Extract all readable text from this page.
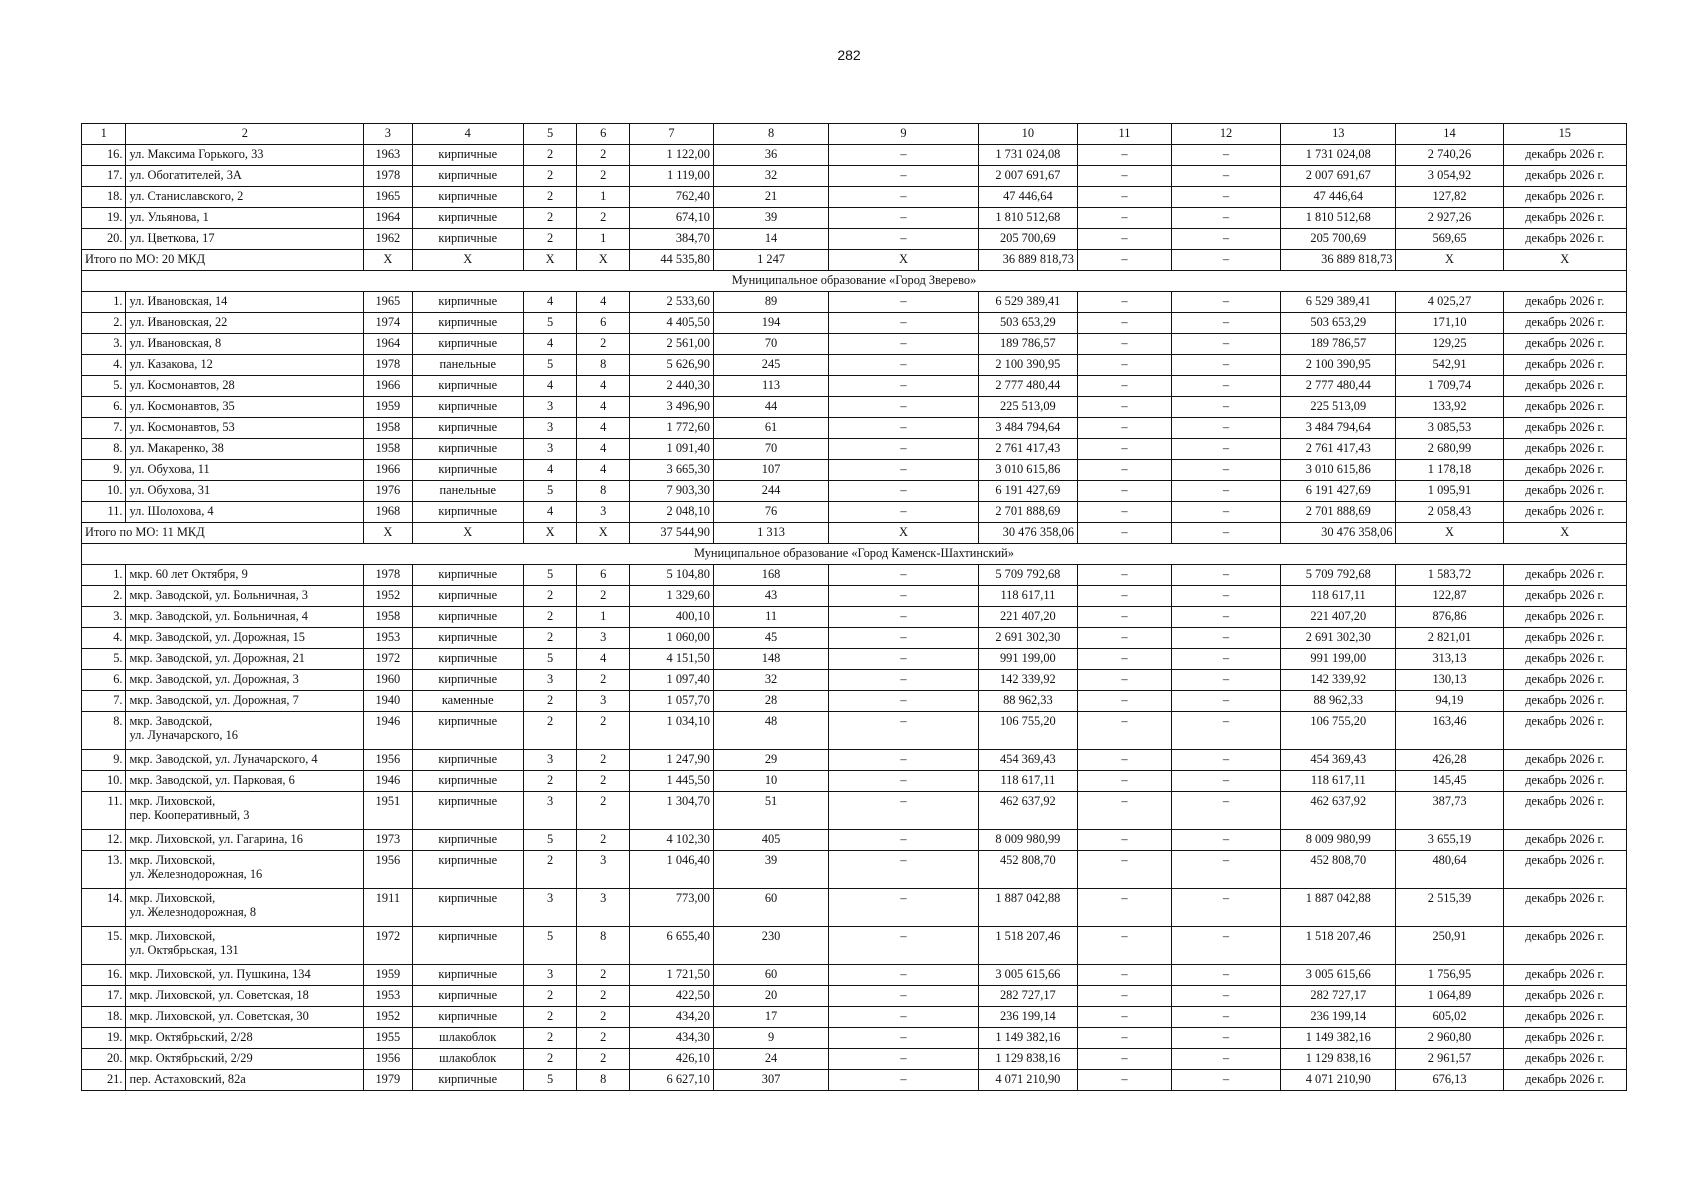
282
1	2	3	4	5	6	7	8	9	10	11	12	13	14	15
16.	ул. Максима Горького, 33	1963	кирпичные	2	2	1 122,00	36	–	1 731 024,08	–	–	1 731 024,08	2 740,26	декабрь 2026 г.
17.	ул. Обогатителей, 3А	1978	кирпичные	2	2	1 119,00	32	–	2 007 691,67	–	–	2 007 691,67	3 054,92	декабрь 2026 г.
18.	ул. Станиславского, 2	1965	кирпичные	2	1	762,40	21	–	47 446,64	–	–	47 446,64	127,82	декабрь 2026 г.
19.	ул. Ульянова, 1	1964	кирпичные	2	2	674,10	39	–	1 810 512,68	–	–	1 810 512,68	2 927,26	декабрь 2026 г.
20.	ул. Цветкова, 17	1962	кирпичные	2	1	384,70	14	–	205 700,69	–	–	205 700,69	569,65	декабрь 2026 г.
Итого по МО: 20 МКД		X	X	X	X	44 535,80	1 247	X	36 889 818,73	–	–	36 889 818,73	X	X
Муниципальное образование «Город Зверево»														
1.	ул. Ивановская, 14	1965	кирпичные	4	4	2 533,60	89	–	6 529 389,41	–	–	6 529 389,41	4 025,27	декабрь 2026 г.
2.	ул. Ивановская, 22	1974	кирпичные	5	6	4 405,50	194	–	503 653,29	–	–	503 653,29	171,10	декабрь 2026 г.
3.	ул. Ивановская, 8	1964	кирпичные	4	2	2 561,00	70	–	189 786,57	–	–	189 786,57	129,25	декабрь 2026 г.
4.	ул. Казакова, 12	1978	панельные	5	8	5 626,90	245	–	2 100 390,95	–	–	2 100 390,95	542,91	декабрь 2026 г.
5.	ул. Космонавтов, 28	1966	кирпичные	4	4	2 440,30	113	–	2 777 480,44	–	–	2 777 480,44	1 709,74	декабрь 2026 г.
6.	ул. Космонавтов, 35	1959	кирпичные	3	4	3 496,90	44	–	225 513,09	–	–	225 513,09	133,92	декабрь 2026 г.
7.	ул. Космонавтов, 53	1958	кирпичные	3	4	1 772,60	61	–	3 484 794,64	–	–	3 484 794,64	3 085,53	декабрь 2026 г.
8.	ул. Макаренко, 38	1958	кирпичные	3	4	1 091,40	70	–	2 761 417,43	–	–	2 761 417,43	2 680,99	декабрь 2026 г.
9.	ул. Обухова, 11	1966	кирпичные	4	4	3 665,30	107	–	3 010 615,86	–	–	3 010 615,86	1 178,18	декабрь 2026 г.
10.	ул. Обухова, 31	1976	панельные	5	8	7 903,30	244	–	6 191 427,69	–	–	6 191 427,69	1 095,91	декабрь 2026 г.
11.	ул. Шолохова, 4	1968	кирпичные	4	3	2 048,10	76	–	2 701 888,69	–	–	2 701 888,69	2 058,43	декабрь 2026 г.
Итого по МО: 11 МКД		X	X	X	X	37 544,90	1 313	X	30 476 358,06	–	–	30 476 358,06	X	X
Муниципальное образование «Город Каменск-Шахтинский»														
1.	мкр. 60 лет Октября, 9	1978	кирпичные	5	6	5 104,80	168	–	5 709 792,68	–	–	5 709 792,68	1 583,72	декабрь 2026 г.
2.	мкр. Заводской, ул. Больничная, 3	1952	кирпичные	2	2	1 329,60	43	–	118 617,11	–	–	118 617,11	122,87	декабрь 2026 г.
3.	мкр. Заводской, ул. Больничная, 4	1958	кирпичные	2	1	400,10	11	–	221 407,20	–	–	221 407,20	876,86	декабрь 2026 г.
4.	мкр. Заводской, ул. Дорожная, 15	1953	кирпичные	2	3	1 060,00	45	–	2 691 302,30	–	–	2 691 302,30	2 821,01	декабрь 2026 г.
5.	мкр. Заводской, ул. Дорожная, 21	1972	кирпичные	5	4	4 151,50	148	–	991 199,00	–	–	991 199,00	313,13	декабрь 2026 г.
6.	мкр. Заводской, ул. Дорожная, 3	1960	кирпичные	3	2	1 097,40	32	–	142 339,92	–	–	142 339,92	130,13	декабрь 2026 г.
7.	мкр. Заводской, ул. Дорожная, 7	1940	каменные	2	3	1 057,70	28	–	88 962,33	–	–	88 962,33	94,19	декабрь 2026 г.
8.	мкр. Заводской,
ул. Луначарского, 16	1946	кирпичные	2	2	1 034,10	48	–	106 755,20	–	–	106 755,20	163,46	декабрь 2026 г.
9.	мкр. Заводской, ул. Луначарского, 4	1956	кирпичные	3	2	1 247,90	29	–	454 369,43	–	–	454 369,43	426,28	декабрь 2026 г.
10.	мкр. Заводской, ул. Парковая, 6	1946	кирпичные	2	2	1 445,50	10	–	118 617,11	–	–	118 617,11	145,45	декабрь 2026 г.
11.	мкр. Лиховской,
пер. Кооперативный, 3	1951	кирпичные	3	2	1 304,70	51	–	462 637,92	–	–	462 637,92	387,73	декабрь 2026 г.
12.	мкр. Лиховской, ул. Гагарина, 16	1973	кирпичные	5	2	4 102,30	405	–	8 009 980,99	–	–	8 009 980,99	3 655,19	декабрь 2026 г.
13.	мкр. Лиховской,
ул. Железнодорожная, 16	1956	кирпичные	2	3	1 046,40	39	–	452 808,70	–	–	452 808,70	480,64	декабрь 2026 г.
14.	мкр. Лиховской,
ул. Железнодорожная, 8	1911	кирпичные	3	3	773,00	60	–	1 887 042,88	–	–	1 887 042,88	2 515,39	декабрь 2026 г.
15.	мкр. Лиховской,
ул. Октябрьская, 131	1972	кирпичные	5	8	6 655,40	230	–	1 518 207,46	–	–	1 518 207,46	250,91	декабрь 2026 г.
16.	мкр. Лиховской, ул. Пушкина, 134	1959	кирпичные	3	2	1 721,50	60	–	3 005 615,66	–	–	3 005 615,66	1 756,95	декабрь 2026 г.
17.	мкр. Лиховской, ул. Советская, 18	1953	кирпичные	2	2	422,50	20	–	282 727,17	–	–	282 727,17	1 064,89	декабрь 2026 г.
18.	мкр. Лиховской, ул. Советская, 30	1952	кирпичные	2	2	434,20	17	–	236 199,14	–	–	236 199,14	605,02	декабрь 2026 г.
19.	мкр. Октябрьский, 2/28	1955	шлакоблок	2	2	434,30	9	–	1 149 382,16	–	–	1 149 382,16	2 960,80	декабрь 2026 г.
20.	мкр. Октябрьский, 2/29	1956	шлакоблок	2	2	426,10	24	–	1 129 838,16	–	–	1 129 838,16	2 961,57	декабрь 2026 г.
21.	пер. Астаховский, 82а	1979	кирпичные	5	8	6 627,10	307	–	4 071 210,90	–	–	4 071 210,90	676,13	декабрь 2026 г.
